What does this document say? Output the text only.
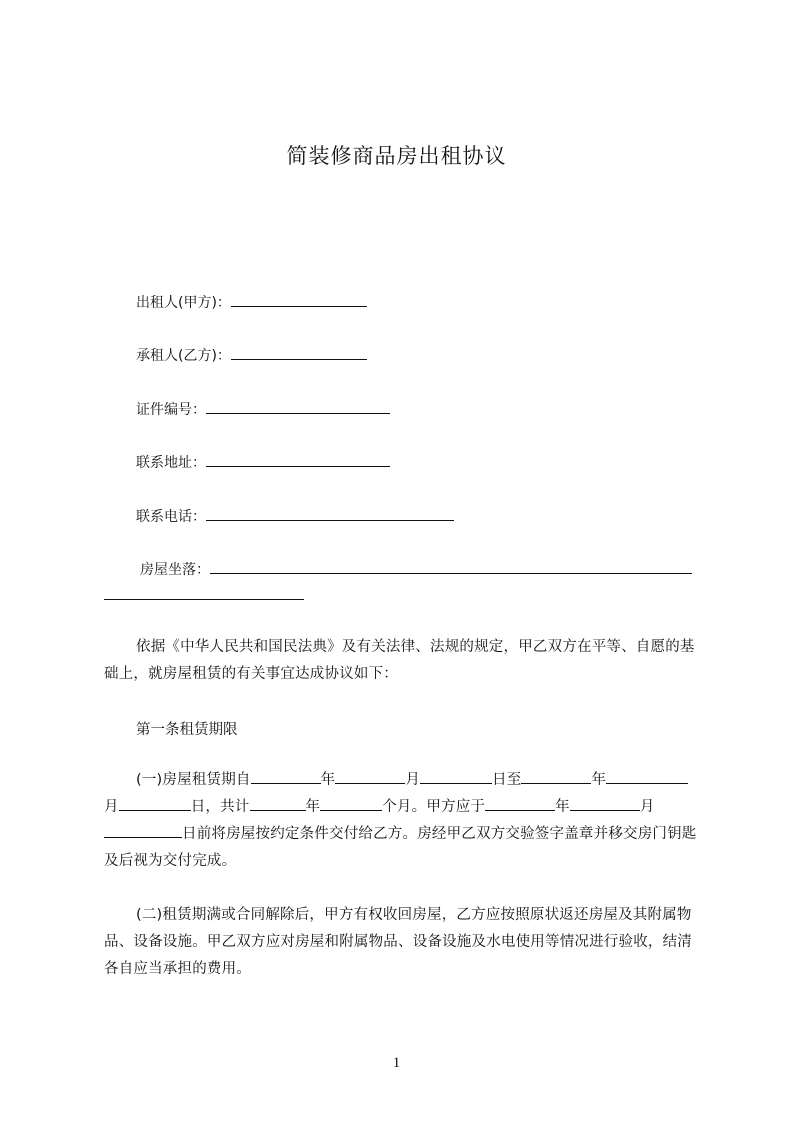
简装修商品房出租协议
出租人(甲方)：
承租人(乙方)：
证件编号：
联系地址：
联系电话：
房屋坐落：
依据《中华人民共和国民法典》及有关法律、法规的规定，甲乙双方在平等、自愿的基础上，就房屋租赁的有关事宜达成协议如下：
第一条租赁期限
(一)房屋租赁期自	年	月	日至	年月	日，共计	年	个月。甲方应于	年	月日前将房屋按约定条件交付给乙方。房经甲乙双方交验签字盖章并移交房门钥匙及后视为交付完成。
(二)租赁期满或合同解除后，甲方有权收回房屋，乙方应按照原状返还房屋及其附属物品、设备设施。甲乙双方应对房屋和附属物品、设备设施及水电使用等情况进行验收，结清各自应当承担的费用。
1
